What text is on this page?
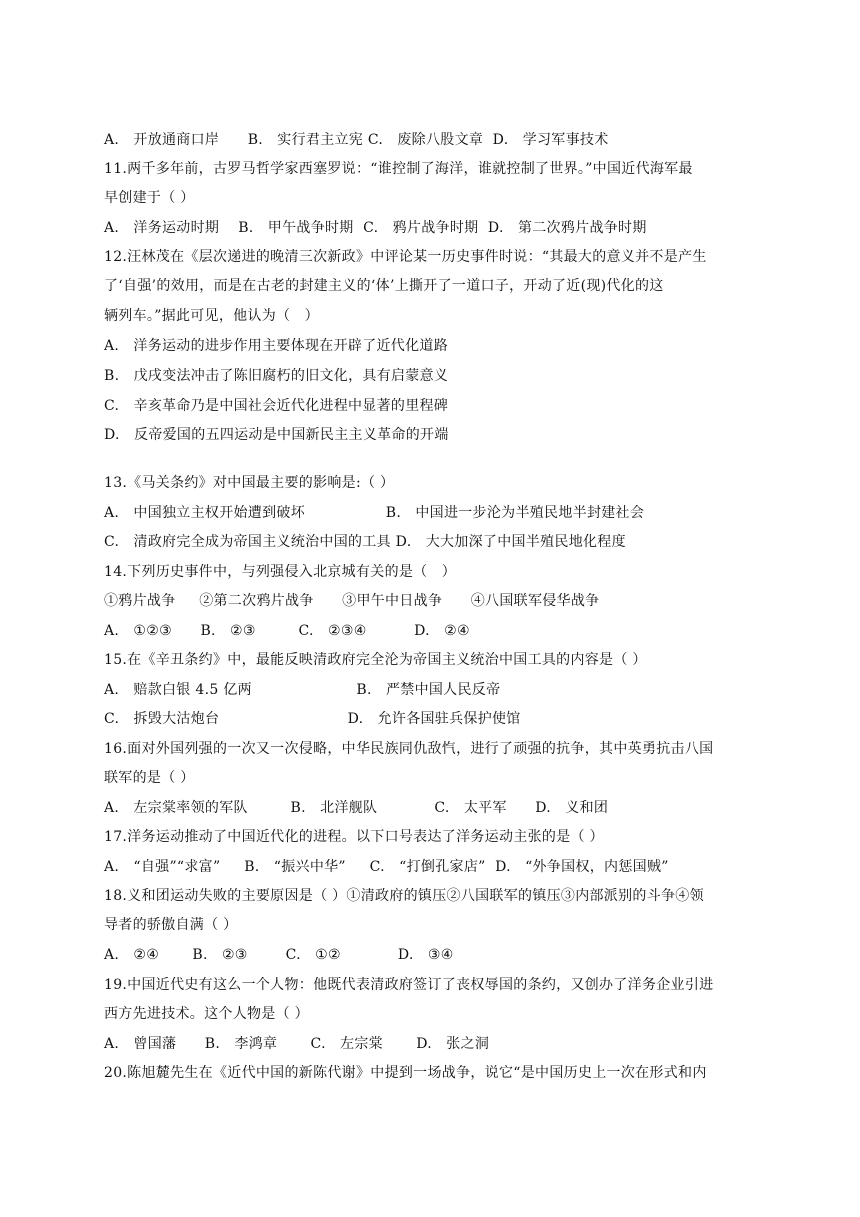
A.   开放通商口岸      B.   实行君主立宪 C.   废除八股文章  D.   学习军事技术
11.两千多年前，古罗马哲学家西塞罗说：“谁控制了海洋，谁就控制了世界。”中国近代海军最
早创建于（ ）
A.   洋务运动时期    B.   甲午战争时期  C.   鸦片战争时期  D.   第二次鸦片战争时期
12.汪林茂在《层次递进的晚清三次新政》中评论某一历史事件时说：“其最大的意义并不是产生
了‘自强’的效用，而是在古老的封建主义的‘体’上撕开了一道口子，开动了近(现)代化的这
辆列车。”据此可见，他认为（   ）
A.   洋务运动的进步作用主要体现在开辟了近代化道路
B.   戊戌变法冲击了陈旧腐朽的旧文化，具有启蒙意义
C.   辛亥革命乃是中国社会近代化进程中显著的里程碑
D.   反帝爱国的五四运动是中国新民主主义革命的开端
13.《马关条约》对中国最主要的影响是:（ ）
A.   中国独立主权开始遭到破坏                 B.   中国进一步沦为半殖民地半封建社会
C.   清政府完全成为帝国主义统治中国的工具 D.   大大加深了中国半殖民地化程度
14.下列历史事件中，与列强侵入北京城有关的是（   ）
①鸦片战争     ②第二次鸦片战争      ③甲午中日战争      ④八国联军侵华战争
A.   ①②③      B.   ②③         C.   ②③④          D.   ②④
15.在《辛丑条约》中，最能反映清政府完全沦为帝国主义统治中国工具的内容是（ ）
A.   赔款白银 4.5 亿两                      B.   严禁中国人民反帝
C.   拆毁大沽炮台                           D.   允许各国驻兵保护使馆
16.面对外国列强的一次又一次侵略，中华民族同仇敌忾，进行了顽强的抗争，其中英勇抗击八国
联军的是（ ）
A.   左宗棠率领的军队         B.   北洋舰队            C.   太平军      D.   义和团
17.洋务运动推动了中国近代化的进程。以下口号表达了洋务运动主张的是（ ）
A.   “自强”“求富”     B.   “振兴中华”     C.   “打倒孔家店”  D.   “外争国权，内惩国贼”
18.义和团运动失败的主要原因是（ ）①清政府的镇压②八国联军的镇压③内部派别的斗争④领
导者的骄傲自满（ ）
A.   ②④       B.   ②③        C.   ①②            D.   ③④
19.中国近代史有这么一个人物：他既代表清政府签订了丧权辱国的条约，又创办了洋务企业引进
西方先进技术。这个人物是（ ）
A.   曾国藩      B.   李鸿章       C.   左宗棠       D.   张之洞
20.陈旭麓先生在《近代中国的新陈代谢》中提到一场战争，说它“是中国历史上一次在形式和内
